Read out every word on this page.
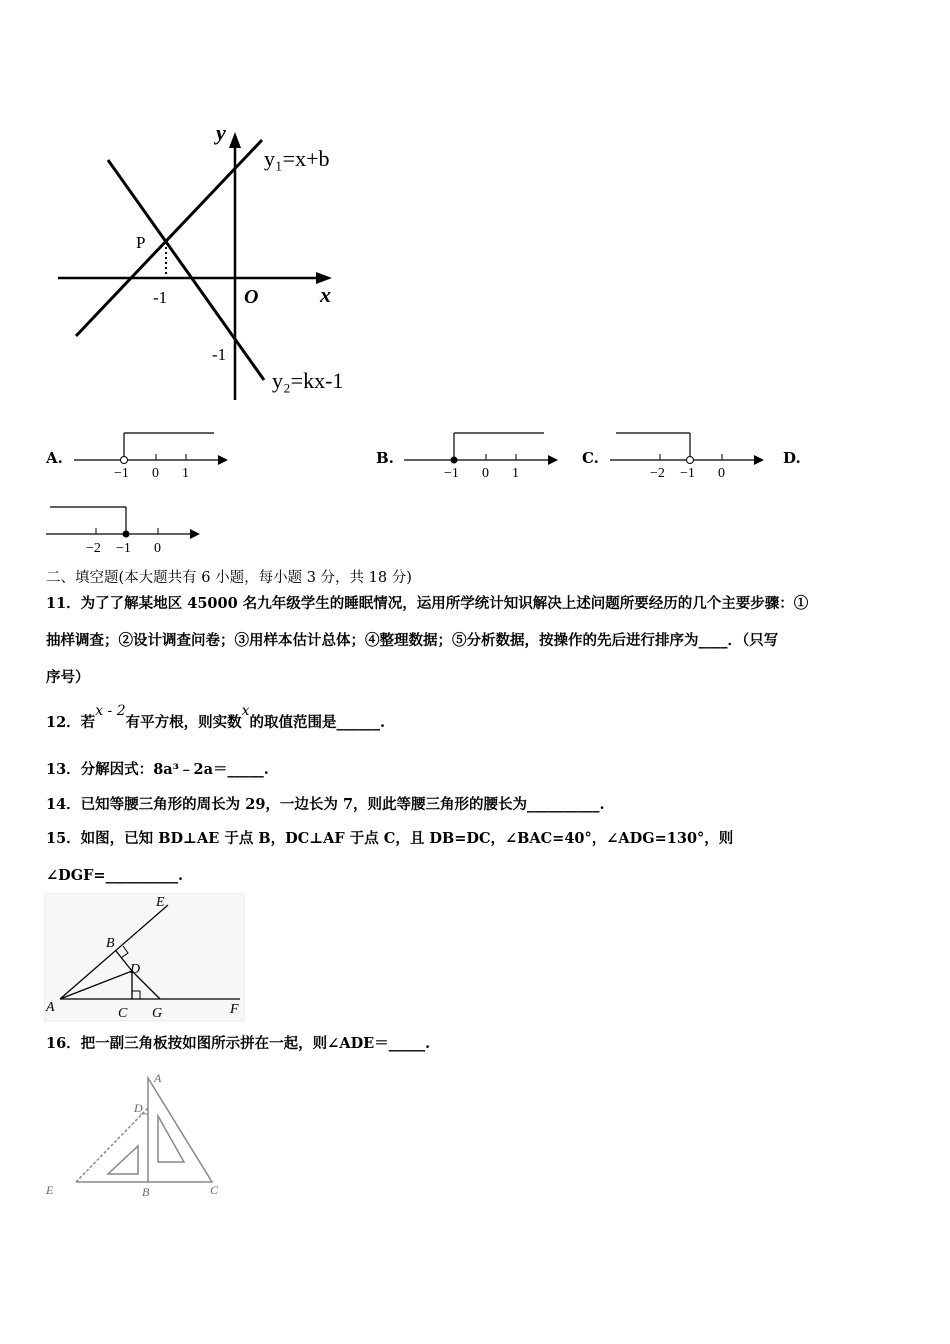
y
x
O
P
-1
-1
y₁=x+b
y₂=kx-1
A.
−1 0 1
B.
−1 0 1
C.
−2 −1 0
D.
−2 −1 0
二、填空题(本大题共有 6 小题，每小题 3 分，共 18 分)
11．为了了解某地区 45000 名九年级学生的睡眠情况，运用所学统计知识解决上述问题所要经历的几个主要步骤：①
抽样调查；②设计调查问卷；③用样本估计总体；④整理数据；⑤分析数据，按操作的先后进行排序为____．（只写
序号）
12．若x - 2有平方根，则实数x的取值范围是______.
13．分解因式：8a³﹣2a＝_____.
14．已知等腰三角形的周长为 29，一边长为 7，则此等腰三角形的腰长为__________.
15．如图，已知 BD⊥AE 于点 B，DC⊥AF 于点 C，且 DB=DC，∠BAC=40°，∠ADG=130°，则
∠DGF=__________.
E
B
D
A	C G	F
16．把一副三角板按如图所示拼在一起，则∠ADE＝_____.
A
D
E	B	C
